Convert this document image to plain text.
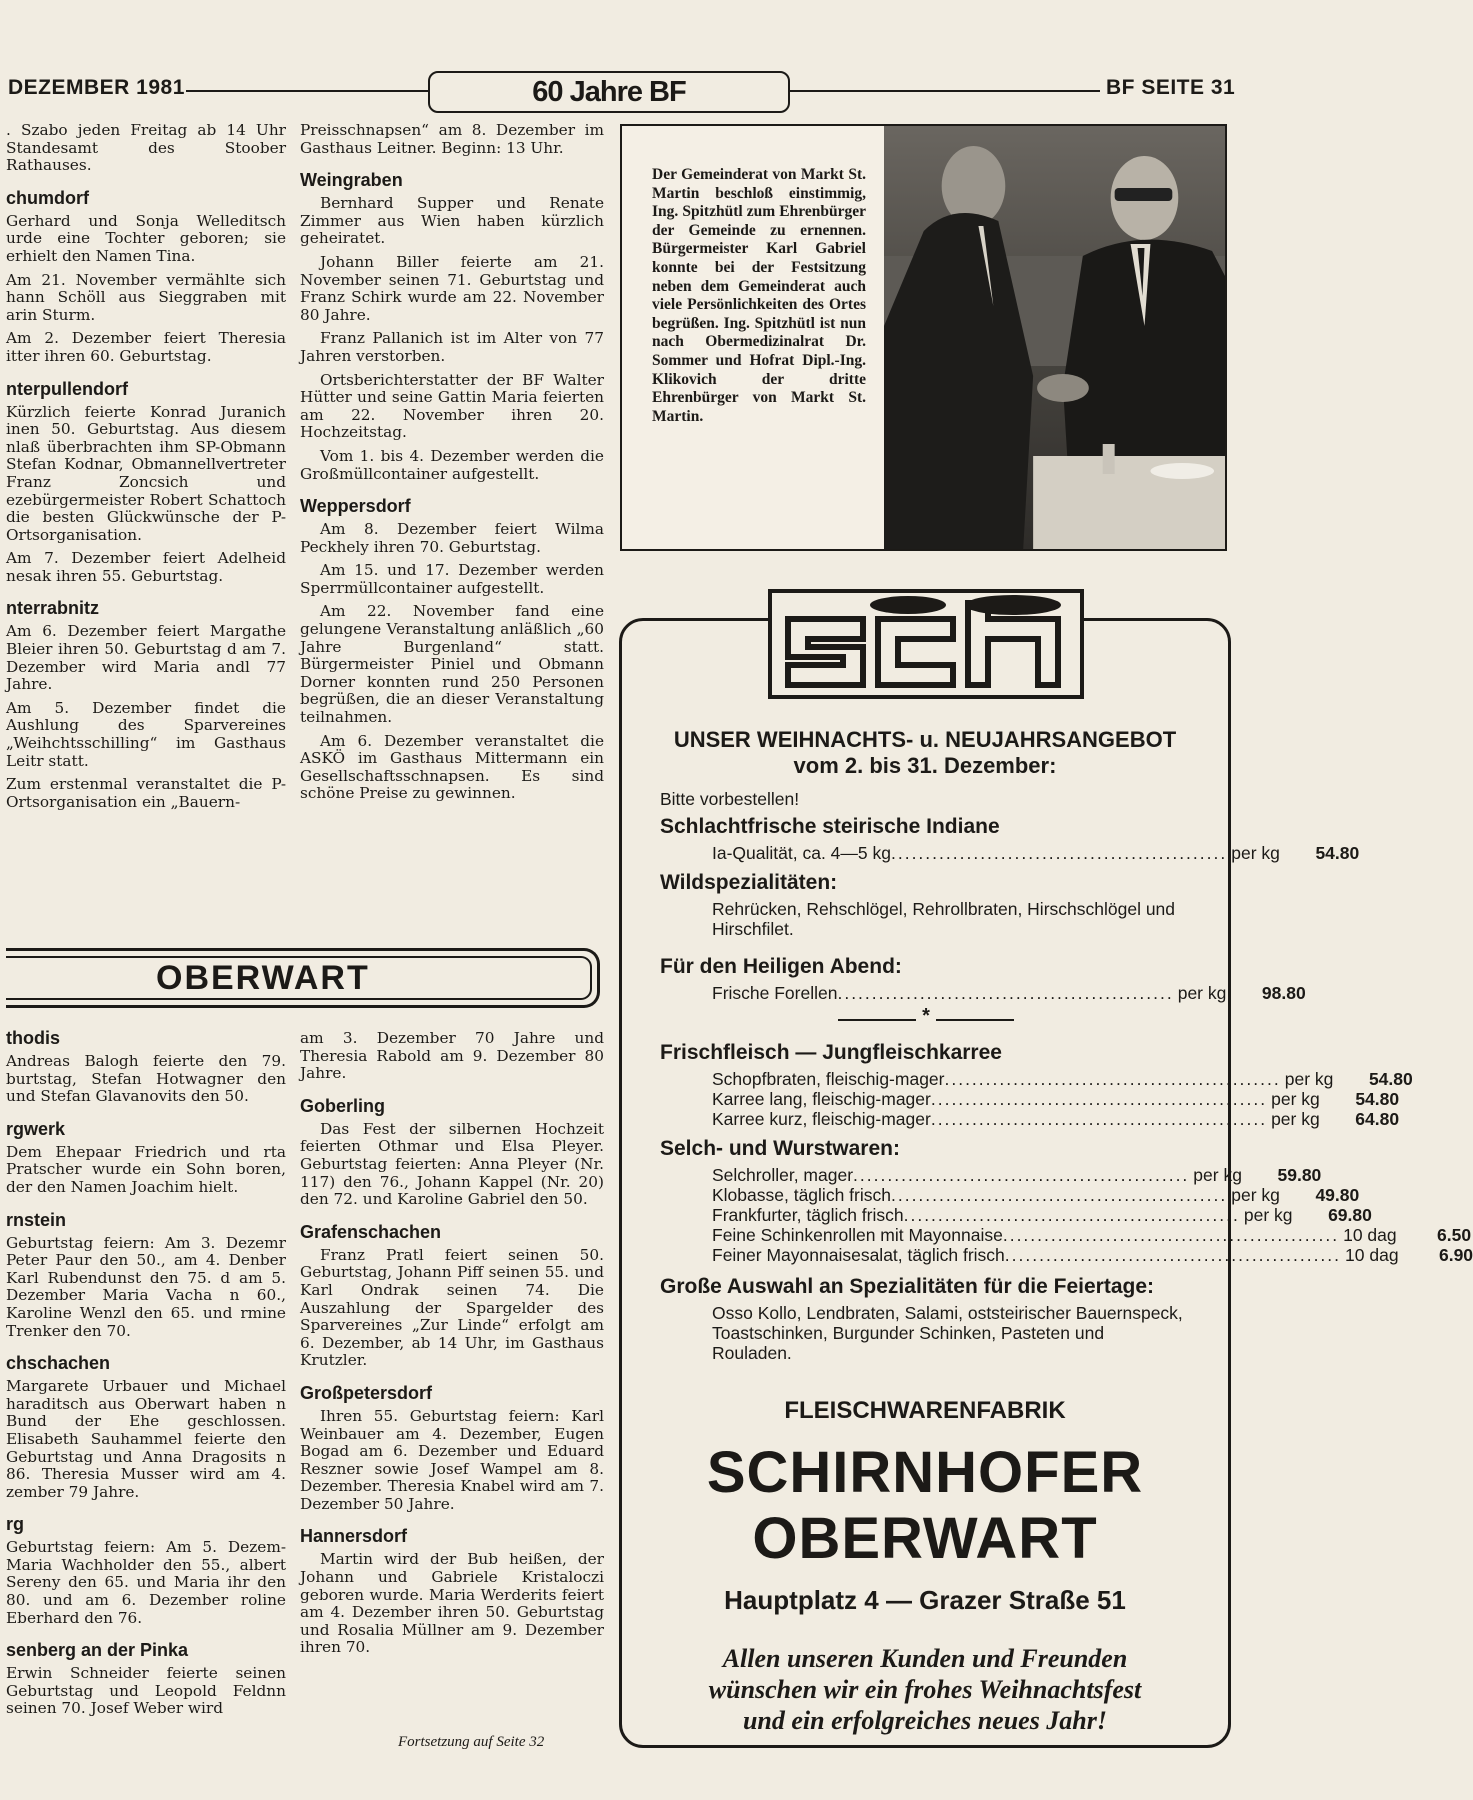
DEZEMBER 1981	60 Jahre BF	BF SEITE 31

. Szabo jeden Freitag ab 14 Uhr Standesamt des Stoober Rathauses.

chumdorf

Gerhard und Sonja Welleditsch urde eine Tochter geboren; sie erhielt den Namen Tina.

Am 21. November vermählte sich hann Schöll aus Sieggraben mit arin Sturm.

Am 2. Dezember feiert Theresia itter ihren 60. Geburtstag.

nterpullendorf

Kürzlich feierte Konrad Juranich inen 50. Geburtstag. Aus diesem nlaß überbrachten ihm SP-Obmann Stefan Kodnar, Obmannellvertreter Franz Zoncsich und ezebürgermeister Robert Schattoch die besten Glückwünsche der P-Ortsorganisation.

Am 7. Dezember feiert Adelheid nesak ihren 55. Geburtstag.

nterrabnitz

Am 6. Dezember feiert Margathe Bleier ihren 50. Geburtstag d am 7. Dezember wird Maria andl 77 Jahre.

Am 5. Dezember findet die Aushlung des Sparvereines „Weihchtsschilling“ im Gasthaus Leitr statt.

Zum erstenmal veranstaltet die P-Ortsorganisation ein „Bauern-

Preisschnapsen“ am 8. Dezember im Gasthaus Leitner. Beginn: 13 Uhr.

Weingraben

Bernhard Supper und Renate Zimmer aus Wien haben kürzlich geheiratet.

Johann Biller feierte am 21. November seinen 71. Geburtstag und Franz Schirk wurde am 22. November 80 Jahre.

Franz Pallanich ist im Alter von 77 Jahren verstorben.

Ortsberichterstatter der BF Walter Hütter und seine Gattin Maria feierten am 22. November ihren 20. Hochzeitstag.

Vom 1. bis 4. Dezember werden die Großmüllcontainer aufgestellt.

Weppersdorf

Am 8. Dezember feiert Wilma Peckhely ihren 70. Geburtstag.

Am 15. und 17. Dezember werden Sperrmüllcontainer aufgestellt.

Am 22. November fand eine gelungene Veranstaltung anläßlich „60 Jahre Burgenland“ statt. Bürgermeister Piniel und Obmann Dorner konnten rund 250 Personen begrüßen, die an dieser Veranstaltung teilnahmen.

Am 6. Dezember veranstaltet die ASKÖ im Gasthaus Mittermann ein Gesellschaftsschnapsen. Es sind schöne Preise zu gewinnen.

OBERWART
thodis

Andreas Balogh feierte den 79. burtstag, Stefan Hotwagner den und Stefan Glavanovits den 50.

rgwerk

Dem Ehepaar Friedrich und rta Pratscher wurde ein Sohn boren, der den Namen Joachim hielt.

rnstein

Geburtstag feiern: Am 3. Dezemr Peter Paur den 50., am 4. Denber Karl Rubendunst den 75. d am 5. Dezember Maria Vacha n 60., Karoline Wenzl den 65. und rmine Trenker den 70.

chschachen

Margarete Urbauer und Michael haraditsch aus Oberwart haben n Bund der Ehe geschlossen. Elisabeth Sauhammel feierte den Geburtstag und Anna Dragosits n 86. Theresia Musser wird am 4. zember 79 Jahre.

rg

Geburtstag feiern: Am 5. Dezem- Maria Wachholder den 55., albert Sereny den 65. und Maria ihr den 80. und am 6. Dezember roline Eberhard den 76.

senberg an der Pinka

Erwin Schneider feierte seinen Geburtstag und Leopold Feldnn seinen 70. Josef Weber wird

am 3. Dezember 70 Jahre und Theresia Rabold am 9. Dezember 80 Jahre.

Goberling

Das Fest der silbernen Hochzeit feierten Othmar und Elsa Pleyer. Geburtstag feierten: Anna Pleyer (Nr. 117) den 76., Johann Kappel (Nr. 20) den 72. und Karoline Gabriel den 50.

Grafenschachen

Franz Pratl feiert seinen 50. Geburtstag, Johann Piff seinen 55. und Karl Ondrak seinen 74. Die Auszahlung der Spargelder des Sparvereines „Zur Linde“ erfolgt am 6. Dezember, ab 14 Uhr, im Gasthaus Krutzler.

Großpetersdorf

Ihren 55. Geburtstag feiern: Karl Weinbauer am 4. Dezember, Eugen Bogad am 6. Dezember und Eduard Reszner sowie Josef Wampel am 8. Dezember. Theresia Knabel wird am 7. Dezember 50 Jahre.

Hannersdorf

Martin wird der Bub heißen, der Johann und Gabriele Kristaloczi geboren wurde. Maria Werderits feiert am 4. Dezember ihren 50. Geburtstag und Rosalia Müllner am 9. Dezember ihren 70.

Fortsetzung auf Seite 32
Der Gemeinderat von Markt St. Martin beschloß einstimmig, Ing. Spitzhütl zum Ehrenbürger der Gemeinde zu ernennen. Bürgermeister Karl Gabriel konnte bei der Festsitzung neben dem Gemeinderat auch viele Persönlichkeiten des Ortes begrüßen. Ing. Spitzhütl ist nun nach Obermedizinalrat Dr. Sommer und Hofrat Dipl.-Ing. Klikovich der dritte Ehrenbürger von Markt St. Martin.
UNSER WEIHNACHTS- u. NEUJAHRSANGEBOT
vom 2. bis 31. Dezember:
Bitte vorbestellen!
Schlachtfrische steirische Indiane
Ia-Qualität, ca. 4—5 kg ................................................. per kg	54.80
Wildspezialitäten:
Rehrücken, Rehschlögel, Rehrollbraten, Hirschschlögel und Hirschfilet.
Für den Heiligen Abend:
Frische Forellen ................................................. per kg	98.80
*
Frischfleisch — Jungfleischkarree
Schopfbraten, fleischig-mager ................................................. per kg	54.80
Karree lang, fleischig-mager ................................................. per kg	54.80
Karree kurz, fleischig-mager ................................................. per kg	64.80
Selch- und Wurstwaren:
Selchroller, mager ................................................. per kg	59.80
Klobasse, täglich frisch ................................................. per kg	49.80
Frankfurter, täglich frisch ................................................. per kg	69.80
Feine Schinkenrollen mit Mayonnaise ................................................. 10 dag	6.50
Feiner Mayonnaisesalat, täglich frisch ................................................. 10 dag	6.90
Große Auswahl an Spezialitäten für die Feiertage:
Osso Kollo, Lendbraten, Salami, oststeirischer Bauernspeck, Toastschinken, Burgunder Schinken, Pasteten und Rouladen.
FLEISCHWARENFABRIK
SCHIRNHOFER
OBERWART
Hauptplatz 4 — Grazer Straße 51
Allen unseren Kunden und Freunden
wünschen wir ein frohes Weihnachtsfest
und ein erfolgreiches neues Jahr!
